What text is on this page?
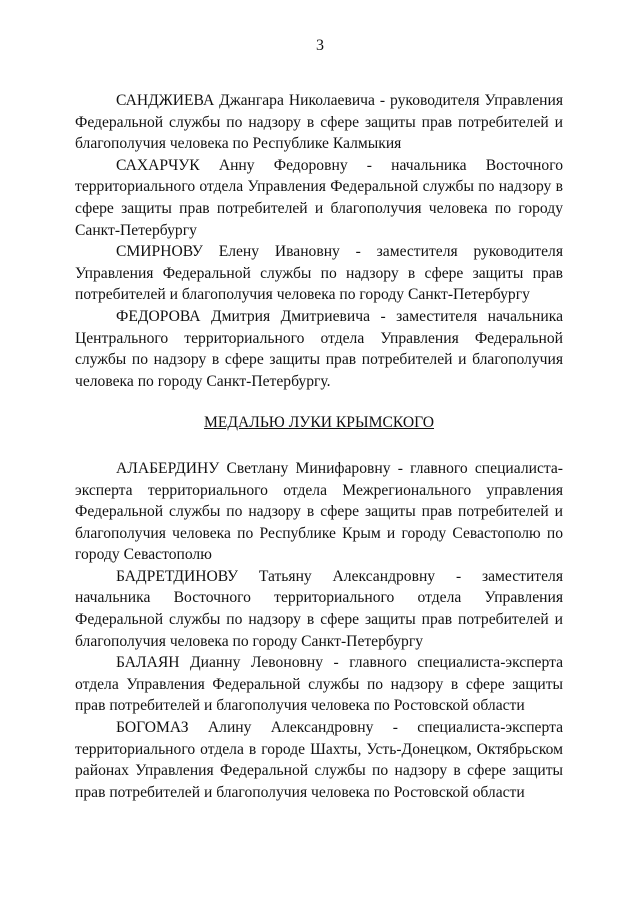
3

САНДЖИЕВА Джангара Николаевича - руководителя Управления Федеральной службы по надзору в сфере защиты прав потребителей и благополучия человека по Республике Калмыкия

САХАРЧУК Анну Федоровну - начальника Восточного территориального отдела Управления Федеральной службы по надзору в сфере защиты прав потребителей и благополучия человека по городу Санкт-Петербургу

СМИРНОВУ Елену Ивановну - заместителя руководителя Управления Федеральной службы по надзору в сфере защиты прав потребителей и благополучия человека по городу Санкт-Петербургу

ФЕДОРОВА Дмитрия Дмитриевича - заместителя начальника Центрального территориального отдела Управления Федеральной службы по надзору в сфере защиты прав потребителей и благополучия человека по городу Санкт-Петербургу.

МЕДАЛЬЮ ЛУКИ КРЫМСКОГО

АЛАБЕРДИНУ Светлану Минифаровну - главного специалиста-эксперта территориального отдела Межрегионального управления Федеральной службы по надзору в сфере защиты прав потребителей и благополучия человека по Республике Крым и городу Севастополю по городу Севастополю

БАДРЕТДИНОВУ Татьяну Александровну - заместителя начальника Восточного территориального отдела Управления Федеральной службы по надзору в сфере защиты прав потребителей и благополучия человека по городу Санкт-Петербургу

БАЛАЯН Дианну Левоновну - главного специалиста-эксперта отдела Управления Федеральной службы по надзору в сфере защиты прав потребителей и благополучия человека по Ростовской области

БОГОМАЗ Алину Александровну - специалиста-эксперта территориального отдела в городе Шахты, Усть-Донецком, Октябрьском районах Управления Федеральной службы по надзору в сфере защиты прав потребителей и благополучия человека по Ростовской области
